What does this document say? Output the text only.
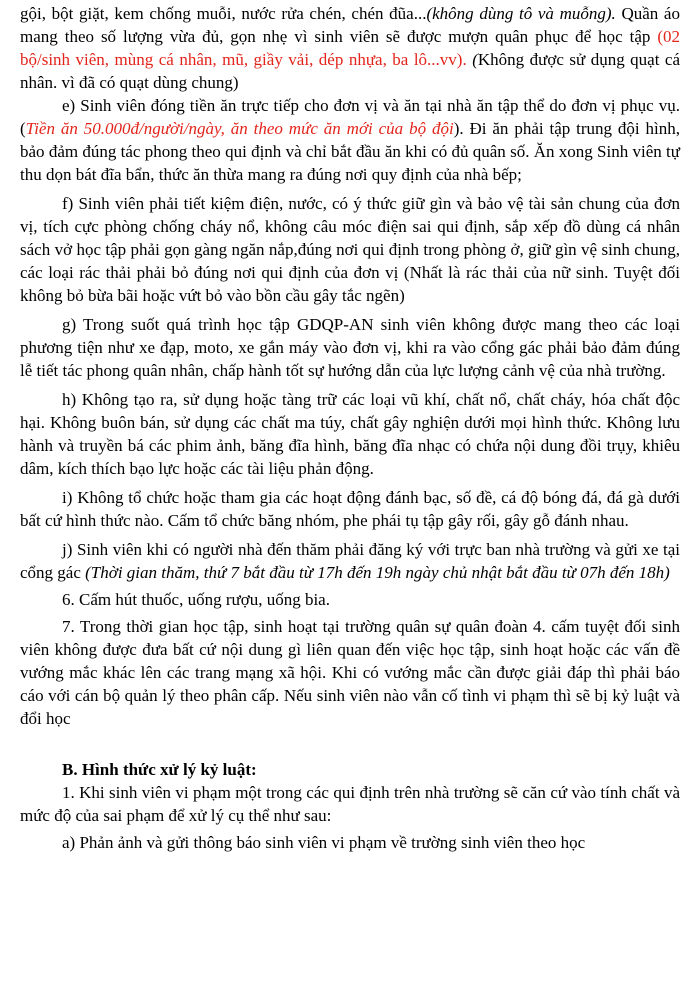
gội, bột giặt, kem chống muỗi, nước rửa chén, chén đũa...(không dùng tô và muỗng). Quần áo mang theo số lượng vừa đủ, gọn nhẹ vì sinh viên sẽ được mượn quân phục để học tập (02 bộ/sinh viên, mùng cá nhân, mũ, giầy vải, dép nhựa, ba lô...vv). (Không được sử dụng quạt cá nhân. vì đã có quạt dùng chung)

e) Sinh viên đóng tiền ăn trực tiếp cho đơn vị và ăn tại nhà ăn tập thể do đơn vị phục vụ. (Tiền ăn 50.000đ/người/ngày, ăn theo mức ăn mới của bộ đội). Đi ăn phải tập trung đội hình, bảo đảm đúng tác phong theo qui định và chỉ bắt đầu ăn khi có đủ quân số. Ăn xong Sinh viên tự thu dọn bát đĩa bẩn, thức ăn thừa mang ra đúng nơi quy định của nhà bếp;

f) Sinh viên phải tiết kiệm điện, nước, có ý thức giữ gìn và bảo vệ tài sản chung của đơn vị, tích cực phòng chống cháy nổ, không câu móc điện sai qui định, sắp xếp đồ dùng cá nhân sách vở học tập phải gọn gàng ngăn nắp,đúng nơi qui định trong phòng ở, giữ gìn vệ sinh chung, các loại rác thải phải bỏ đúng nơi qui định của đơn vị (Nhất là rác thải của nữ sinh. Tuyệt đối không bỏ bừa bãi hoặc vứt bỏ vào bồn cầu gây tắc ngẽn)

g) Trong suốt quá trình học tập GDQP-AN sinh viên không được mang theo các loại phương tiện như xe đạp, moto, xe gắn máy vào đơn vị, khi ra vào cổng gác phải bảo đảm đúng lễ tiết tác phong quân nhân, chấp hành tốt sự hướng dẫn của lực lượng cảnh vệ của nhà trường.

h) Không tạo ra, sử dụng hoặc tàng trữ các loại vũ khí, chất nổ, chất cháy, hóa chất độc hại. Không buôn bán, sử dụng các chất ma túy, chất gây nghiện dưới mọi hình thức. Không lưu hành và truyền bá các phim ảnh, băng đĩa hình, băng đĩa nhạc có chứa nội dung đồi trụy, khiêu dâm, kích thích bạo lực hoặc các tài liệu phản động.

i) Không tổ chức hoặc tham gia các hoạt động đánh bạc, số đề, cá độ bóng đá, đá gà dưới bất cứ hình thức nào. Cấm tổ chức băng nhóm, phe phái tụ tập gây rối, gây gỗ đánh nhau.

j) Sinh viên khi có người nhà đến thăm phải đăng ký với trực ban nhà trường và gửi xe tại cổng gác (Thời gian thăm, thứ 7 bắt đầu từ 17h đến 19h ngày chủ nhật bắt đầu từ 07h đến 18h)

6. Cấm hút thuốc, uống rượu, uống bia.

7. Trong thời gian học tập, sinh hoạt tại trường quân sự quân đoàn 4. cấm tuyệt đối sinh viên không được đưa bất cứ nội dung gì liên quan đến việc học tập, sinh hoạt hoặc các vấn đề vướng mắc khác lên các trang mạng xã hội. Khi có vướng mắc cần được giải đáp thì phải báo cáo với cán bộ quản lý theo phân cấp. Nếu sinh viên nào vẫn cố tình vi phạm thì sẽ bị kỷ luật và đổi học

B. Hình thức xử lý kỷ luật:

1. Khi sinh viên vi phạm một trong các qui định trên nhà trường sẽ căn cứ vào tính chất và mức độ của sai phạm để xử lý cụ thể như sau:

a) Phản ảnh và gửi thông báo sinh viên vi phạm về trường sinh viên theo học
